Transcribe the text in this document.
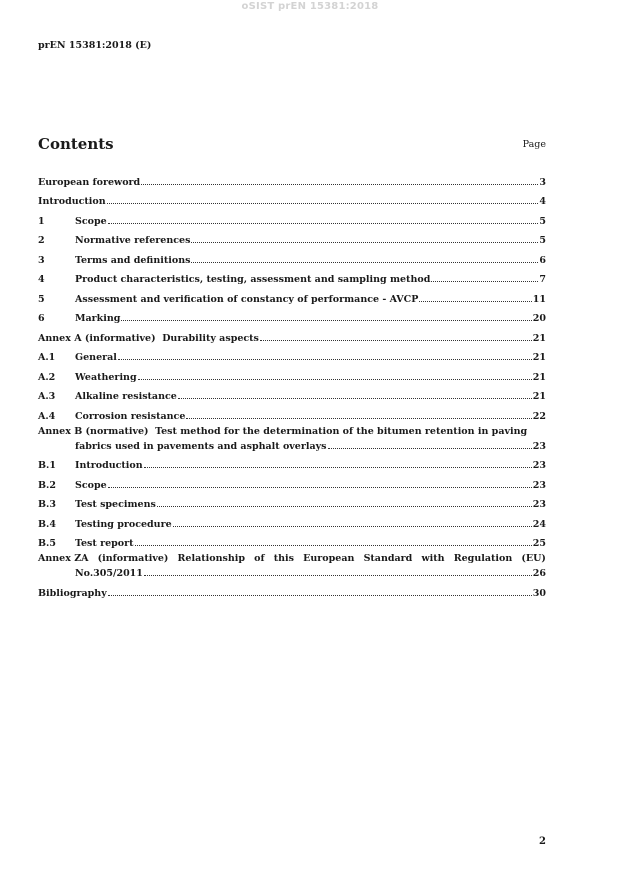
oSIST prEN 15381:2018
prEN 15381:2018 (E)
Contents	Page
European foreword	3
Introduction	4
1	Scope	5
2	Normative references	5
3	Terms and definitions	6
4	Product characteristics, testing, assessment and sampling method	7
5	Assessment and verification of constancy of performance - AVCP	11
6	Marking	20
Annex A (informative)  Durability aspects	21
A.1	General	21
A.2	Weathering	21
A.3	Alkaline resistance	21
A.4	Corrosion resistance	22
Annex B (normative)  Test method for the determination of the bitumen retention in paving
fabrics used in pavements and asphalt overlays	23
B.1	Introduction	23
B.2	Scope	23
B.3	Test specimens	23
B.4	Testing procedure	24
B.5	Test report	25
Annex ZA (informative) Relationship of this European Standard with Regulation (EU)
No.305/2011	26
Bibliography	30
2
